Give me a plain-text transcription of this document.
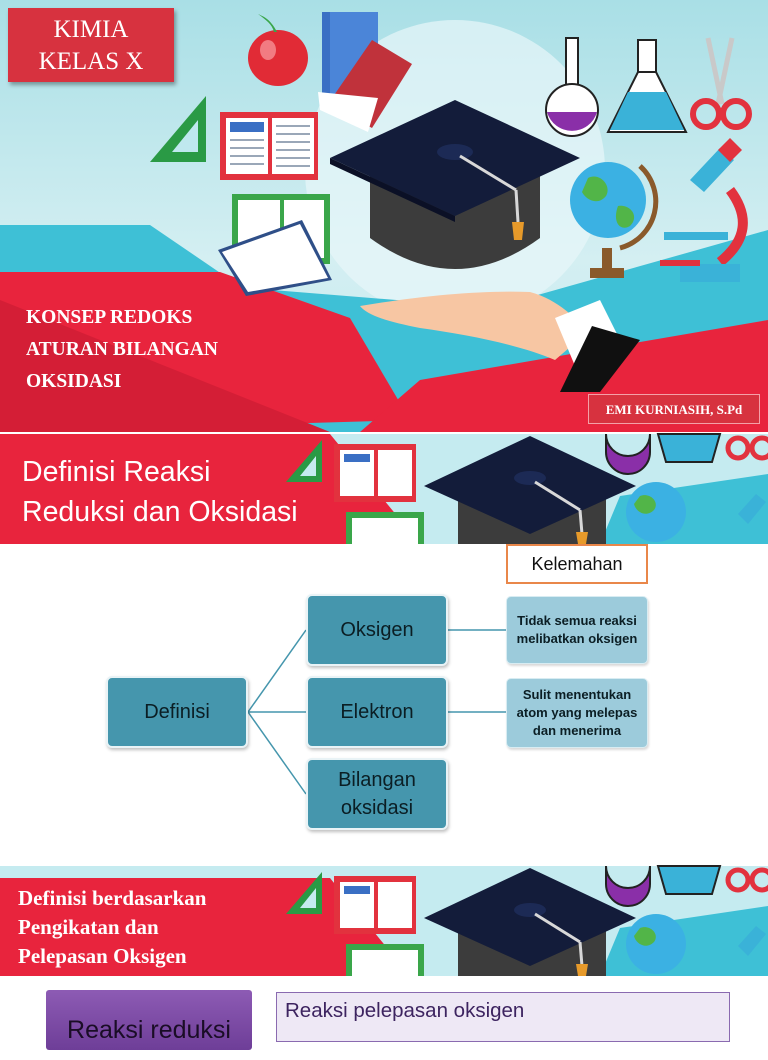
KIMIA
KELAS X
KONSEP REDOKS
ATURAN BILANGAN
OKSIDASI
EMI KURNIASIH, S.Pd
Definisi Reaksi
Reduksi dan Oksidasi
Kelemahan
Definisi
Oksigen
Elektron
Bilangan oksidasi
Tidak semua reaksi melibatkan oksigen
Sulit menentukan atom yang melepas dan menerima
Definisi berdasarkan
Pengikatan dan
Pelepasan Oksigen
Reaksi reduksi
Reaksi pelepasan oksigen
